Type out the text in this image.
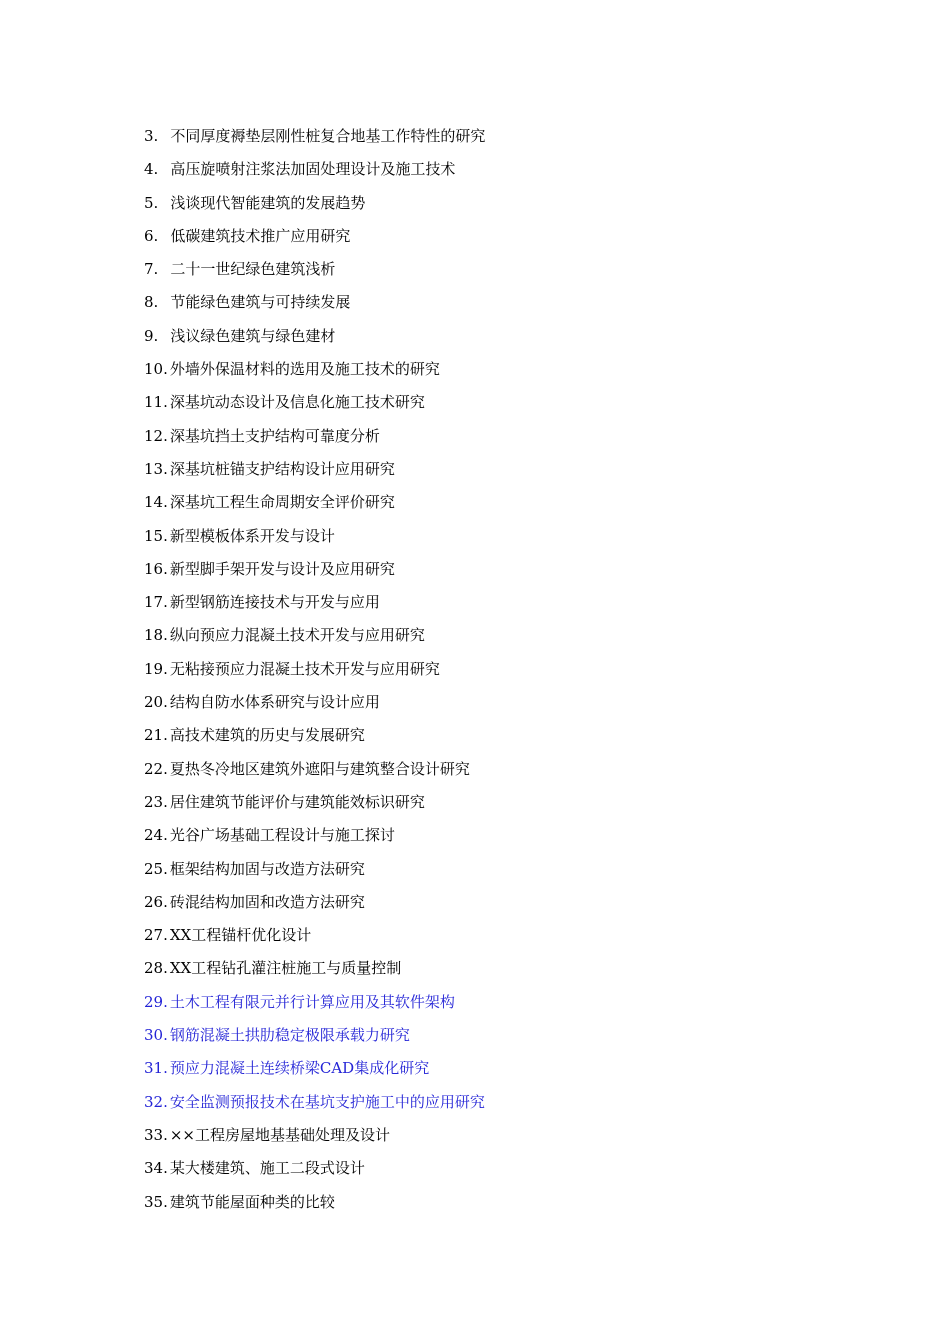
3. 不同厚度褥垫层刚性桩复合地基工作特性的研究
4. 高压旋喷射注浆法加固处理设计及施工技术
5. 浅谈现代智能建筑的发展趋势
6. 低碳建筑技术推广应用研究
7. 二十一世纪绿色建筑浅析
8. 节能绿色建筑与可持续发展
9. 浅议绿色建筑与绿色建材
10. 外墙外保温材料的选用及施工技术的研究
11. 深基坑动态设计及信息化施工技术研究
12. 深基坑挡土支护结构可靠度分析
13. 深基坑桩锚支护结构设计应用研究
14. 深基坑工程生命周期安全评价研究
15. 新型模板体系开发与设计
16. 新型脚手架开发与设计及应用研究
17. 新型钢筋连接技术与开发与应用
18. 纵向预应力混凝土技术开发与应用研究
19. 无粘接预应力混凝土技术开发与应用研究
20. 结构自防水体系研究与设计应用
21. 高技术建筑的历史与发展研究
22. 夏热冬冷地区建筑外遮阳与建筑整合设计研究
23. 居住建筑节能评价与建筑能效标识研究
24. 光谷广场基础工程设计与施工探讨
25. 框架结构加固与改造方法研究
26. 砖混结构加固和改造方法研究
27. XX工程锚杆优化设计
28. XX工程钻孔灌注桩施工与质量控制
29. 土木工程有限元并行计算应用及其软件架构
30. 钢筋混凝土拱肋稳定极限承载力研究
31. 预应力混凝土连续桥梁CAD集成化研究
32. 安全监测预报技术在基坑支护施工中的应用研究
33. ××工程房屋地基基础处理及设计
34. 某大楼建筑、施工二段式设计
35. 建筑节能屋面种类的比较
